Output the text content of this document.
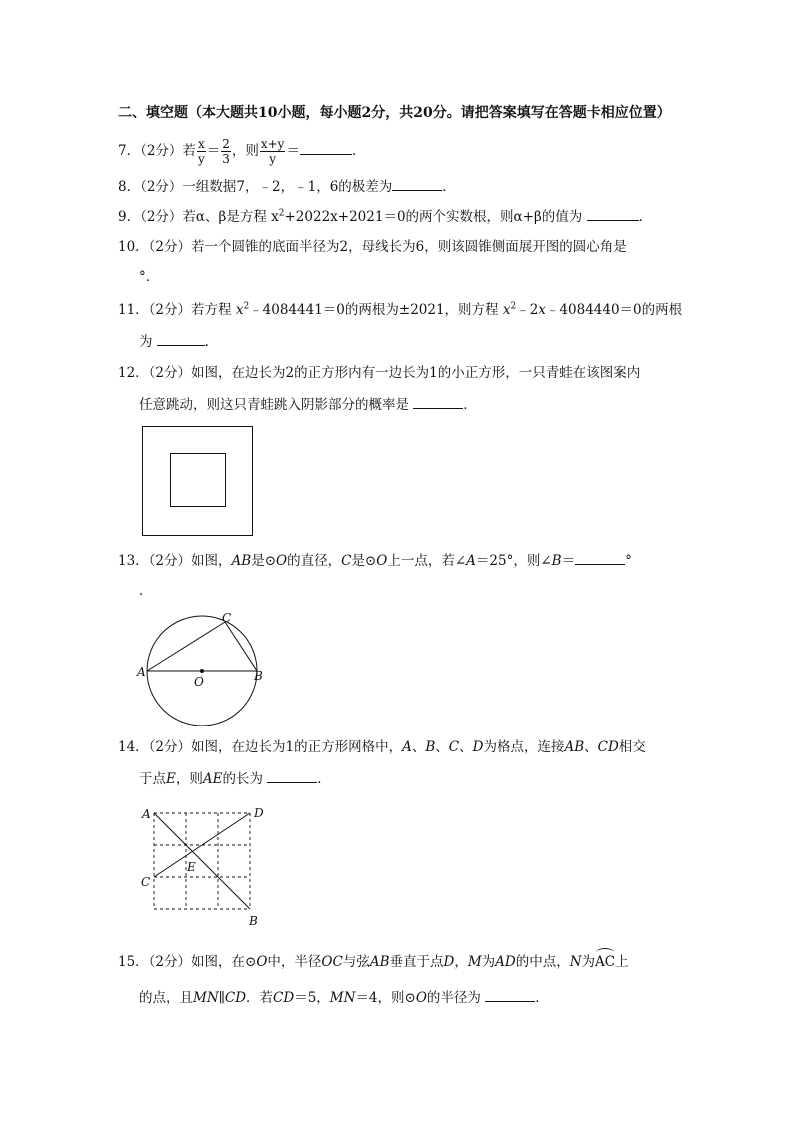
二、填空题（本大题共10小题，每小题2分，共20分。请把答案填写在答题卡相应位置）
7．（2分）若 $\frac{x}{y} = \frac{2}{3}$ ，则 $\frac{x+y}{y}$ ＝	．
8．（2分）一组数据7，﹣2，﹣1，6的极差为	．
9．（2分）若α、β是方程 $x^2+2022x+2021=0$的两个实数根，则α+β的值为	．
10．（2分）若一个圆锥的底面半径为2，母线长为6，则该圆锥侧面展开图的圆心角是
°．
11．（2分）若方程 $x^2﹣4084441=0$的两根为±2021，则方程 $x^2﹣2x﹣4084440=0$的两根
为	．
12．（2分）如图，在边长为2的正方形内有一边长为1的小正方形，一只青蛙在该图案内
任意跳动，则这只青蛙跳入阴影部分的概率是	．
13．（2分）如图，AB是⊙O的直径，C是⊙O上一点，若∠A＝25°，则∠B＝	°
．
A	B
C
O
14．（2分）如图，在边长为1的正方形网格中，A、B、C、D为格点，连接AB、CD相交
于点E，则AE的长为	．
A	D
C
B
E
15．（2分）如图，在⊙O中，半径OC与弦AB垂直于点D，M为AD的中点，N为AC上
的点，且MN∥CD．若CD＝5，MN＝4，则⊙O的半径为	．
